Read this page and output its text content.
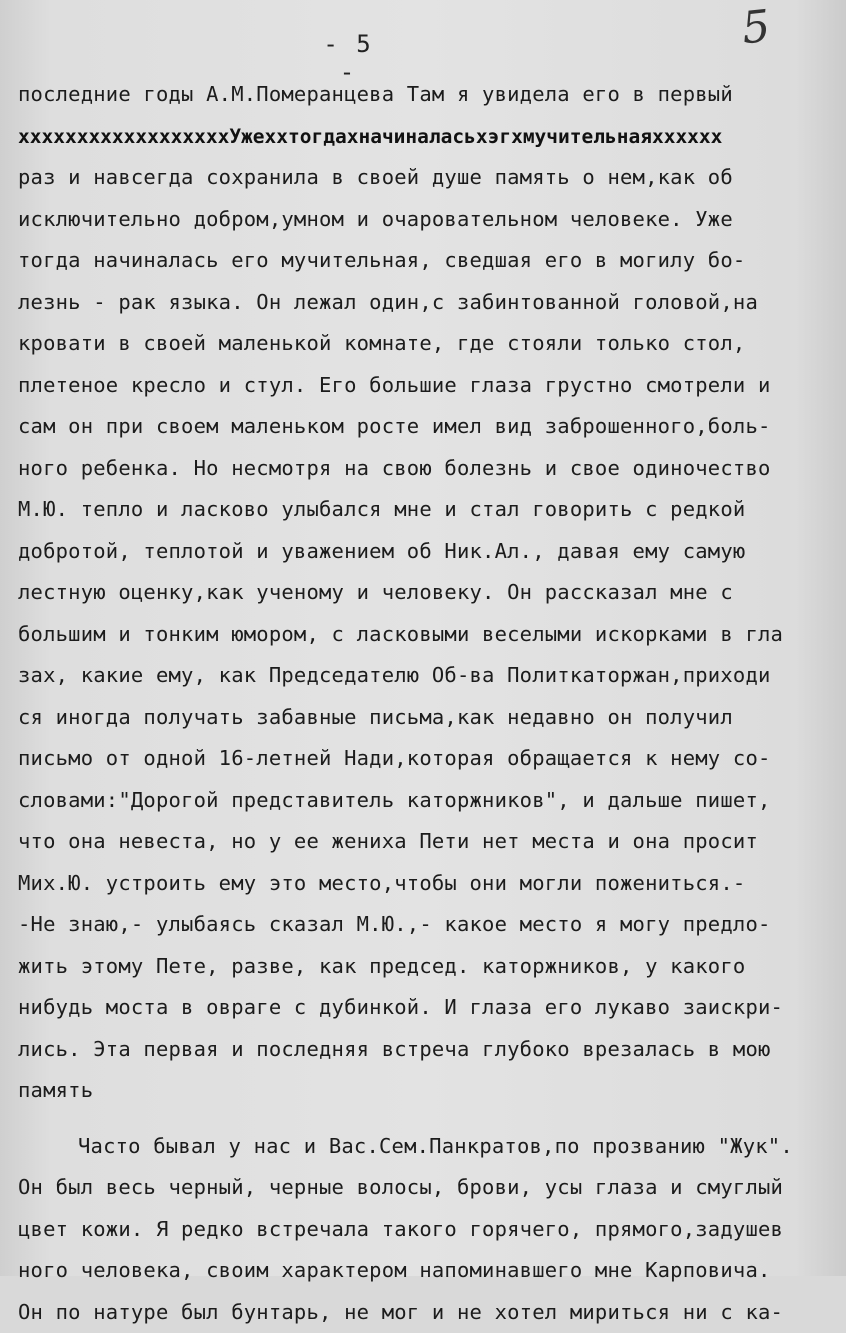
- 5 -
5
последние годы А.М.Померанцева Там я увидела его в первый
ххххххххххххххххххУжеххтогдахначиналасьхэгхмучительнаяхххххх
раз и навсегда сохранила в своей душе память о нем,как об
исключительно добром,умном и очаровательном человеке. Уже
тогда начиналась его мучительная, сведшая его в могилу бо-
лезнь - рак языка. Он лежал один,с забинтованной головой,на
кровати в своей маленькой комнате, где стояли только стол,
плетеное кресло и стул. Его большие глаза грустно смотрели и
сам он при своем маленьком росте имел вид заброшенного,боль-
ного ребенка. Но несмотря на свою болезнь и свое одиночество
М.Ю. тепло и ласково улыбался мне и стал говорить с редкой
добротой, теплотой и уважением об Ник.Ал., давая ему самую
лестную оценку,как ученому и человеку. Он рассказал мне с
большим и тонким юмором, с ласковыми веселыми искорками в гла
зах, какие ему, как Председателю Об-ва Политкаторжан,приходи
ся иногда получать забавные письма,как недавно он получил
письмо от одной 16-летней Нади,которая обращается к нему со-
словами:"Дорогой представитель каторжников", и дальше пишет,
что она невеста, но у ее жениха Пети нет места и она просит
Мих.Ю. устроить ему это место,чтобы они могли пожениться.-
-Не знаю,- улыбаясь сказал М.Ю.,- какое место я могу предло-
жить этому Пете, разве, как председ. каторжников, у какого
нибудь моста в овраге с дубинкой. И глаза его лукаво заискри-
лись. Эта первая и последняя встреча глубоко врезалась в мою
память
Часто бывал у нас и Вас.Сем.Панкратов,по прозванию "Жук".
Он был весь черный, черные волосы, брови, усы глаза и смуглый
цвет кожи. Я редко встречала такого горячего, прямого,задушев
ного человека, своим характером напоминавшего мне Карповича.
Он по натуре был бунтарь, не мог и не хотел мириться ни с ка-
